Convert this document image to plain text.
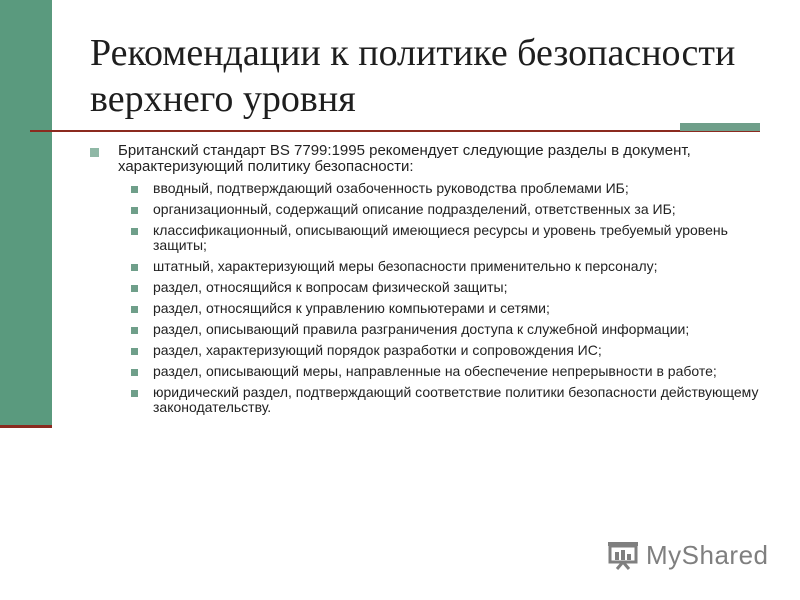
Рекомендации к политике безопасности верхнего уровня
Британский стандарт BS 7799:1995 рекомендует следующие разделы в документ, характеризующий политику безопасности:
вводный, подтверждающий озабоченность руководства проблемами ИБ;
организационный, содержащий описание подразделений, ответственных за ИБ;
классификационный, описывающий имеющиеся ресурсы и уровень требуемый уровень защиты;
штатный, характеризующий меры безопасности применительно к персоналу;
раздел, относящийся к вопросам физической защиты;
раздел, относящийся к управлению компьютерами и сетями;
раздел, описывающий правила разграничения доступа к служебной информации;
раздел, характеризующий порядок разработки и сопровождения ИС;
раздел, описывающий меры, направленные на обеспечение непрерывности в работе;
юридический раздел, подтверждающий соответствие политики безопасности действующему законодательству.
MyShared
